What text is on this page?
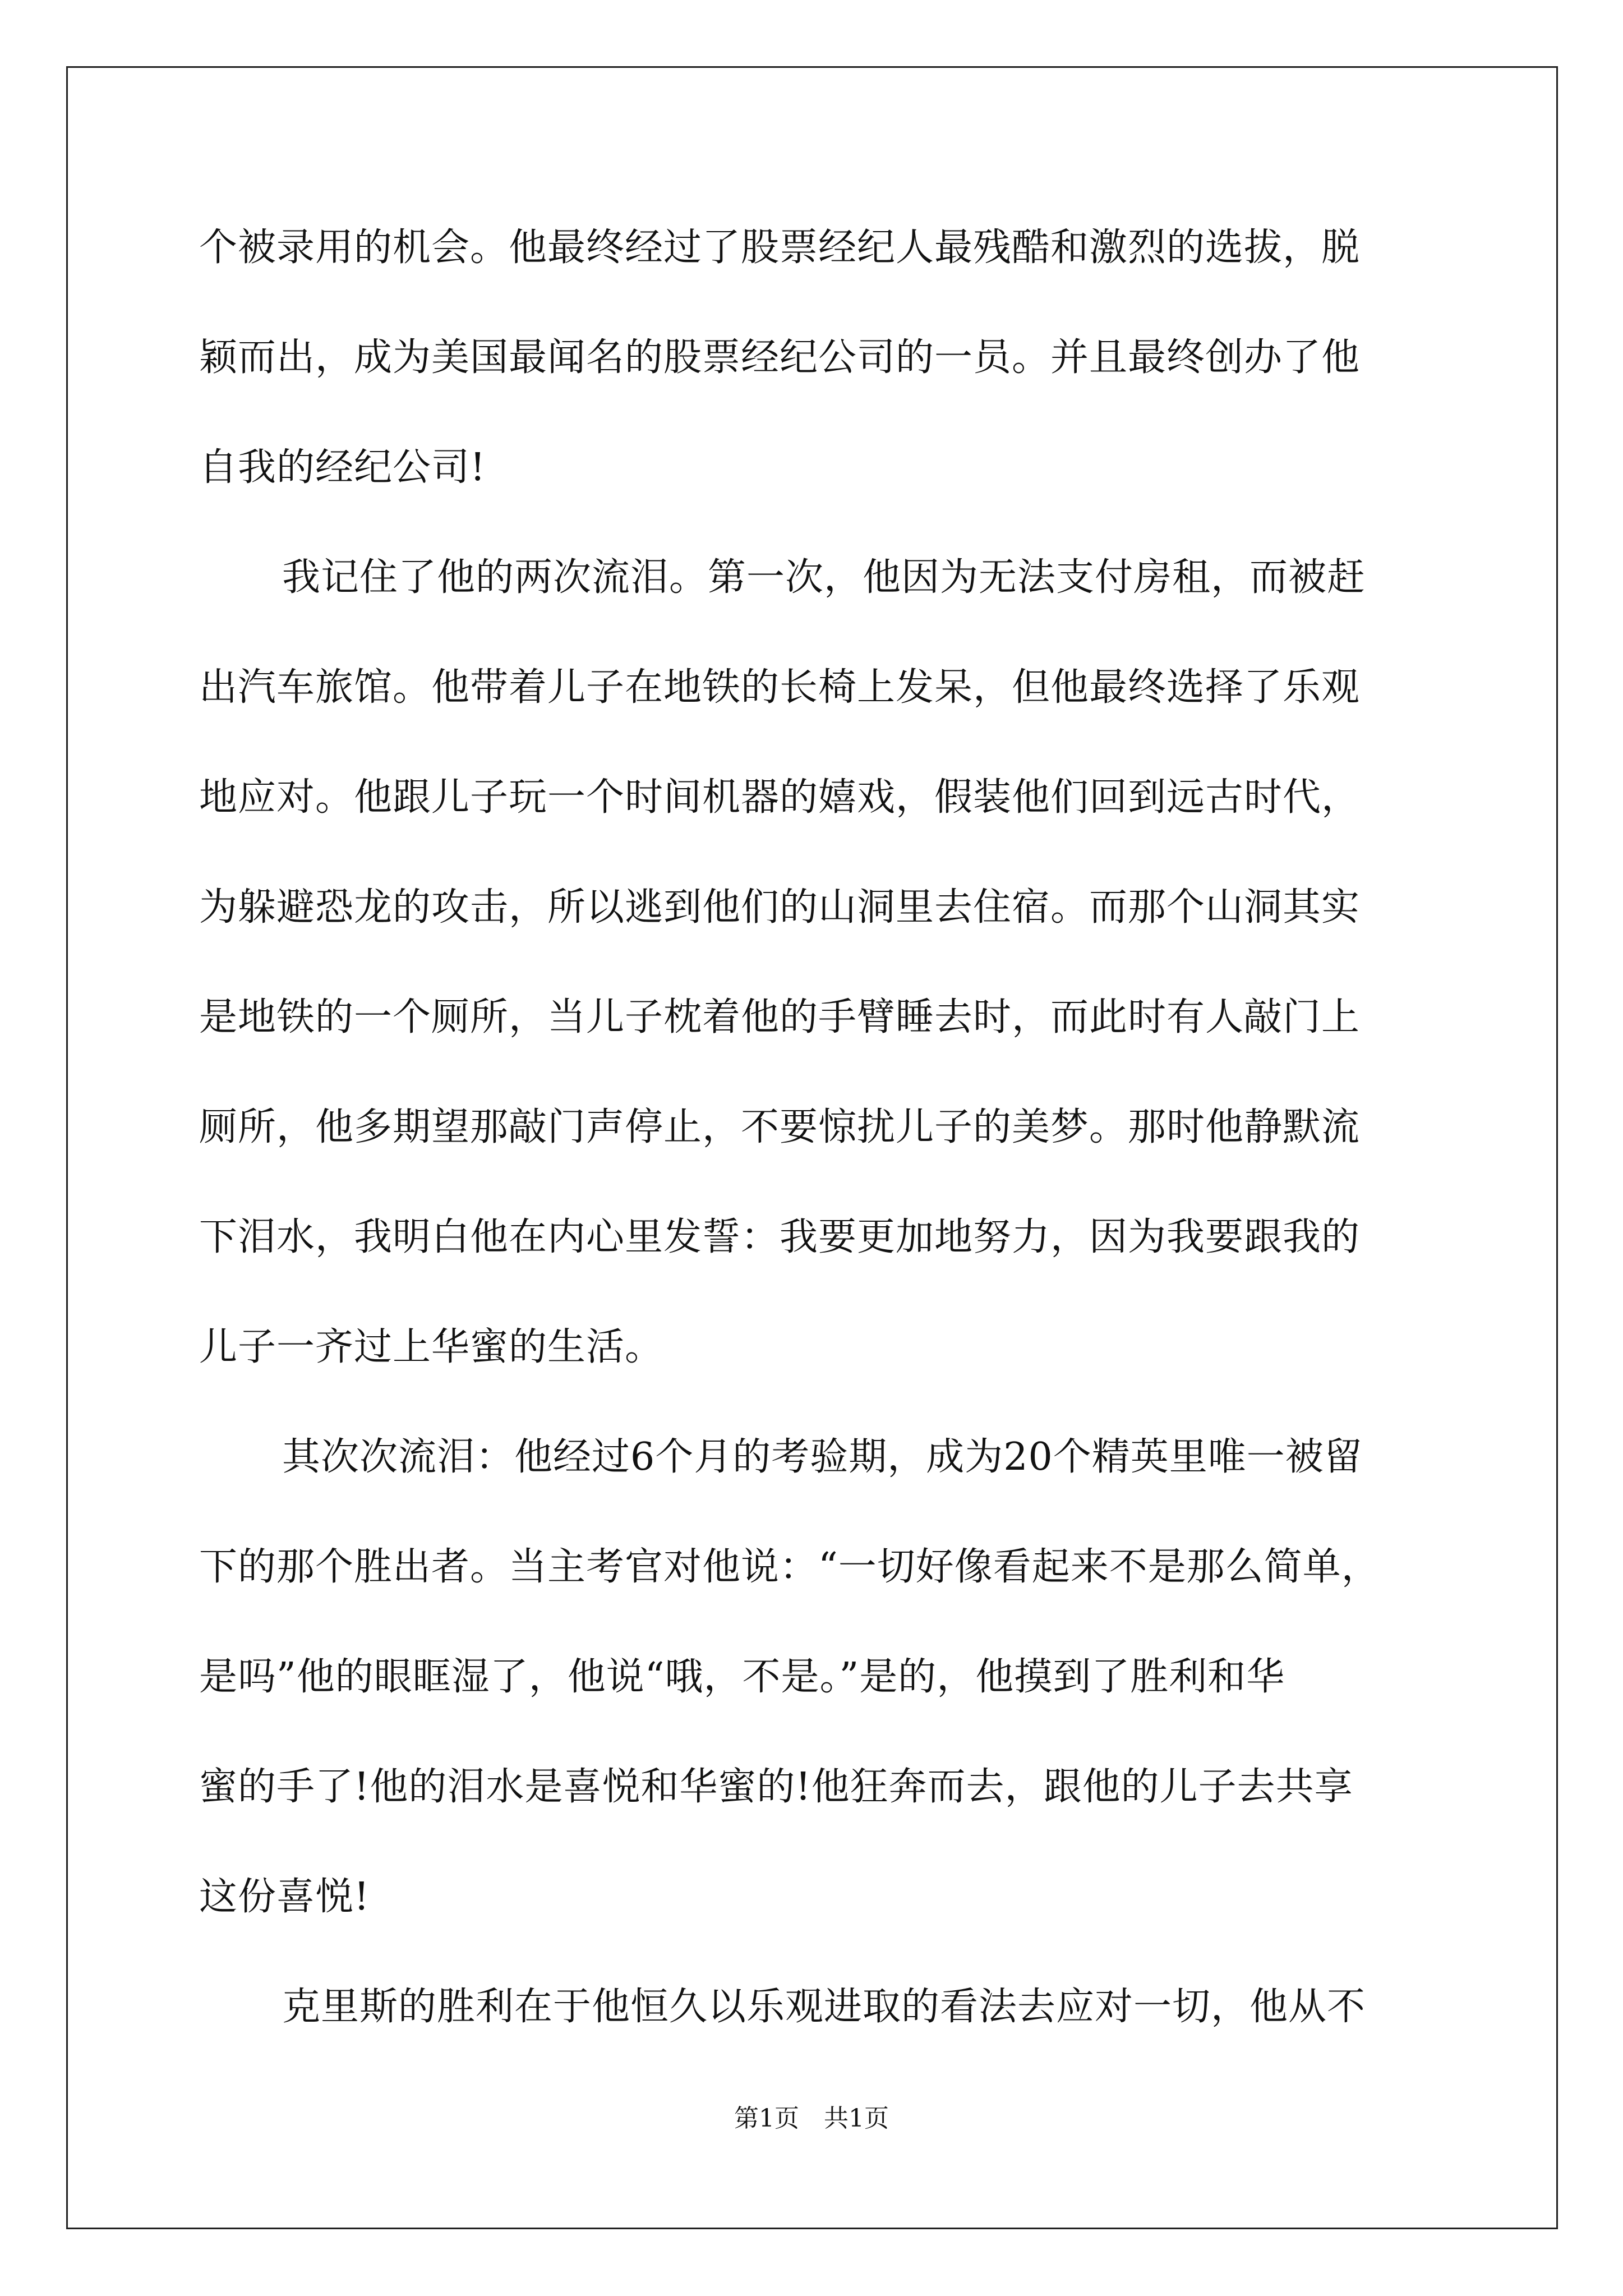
个被录用的机会。他最终经过了股票经纪人最残酷和激烈的选拔，脱
颖而出，成为美国最闻名的股票经纪公司的一员。并且最终创办了他
自我的经纪公司!
我记住了他的两次流泪。第一次，他因为无法支付房租，而被赶
出汽车旅馆。他带着儿子在地铁的长椅上发呆，但他最终选择了乐观
地应对。他跟儿子玩一个时间机器的嬉戏，假装他们回到远古时代，
为躲避恐龙的攻击，所以逃到他们的山洞里去住宿。而那个山洞其实
是地铁的一个厕所，当儿子枕着他的手臂睡去时，而此时有人敲门上
厕所，他多期望那敲门声停止，不要惊扰儿子的美梦。那时他静默流
下泪水，我明白他在内心里发誓：我要更加地努力，因为我要跟我的
儿子一齐过上华蜜的生活。
其次次流泪：他经过6个月的考验期，成为20个精英里唯一被留
下的那个胜出者。当主考官对他说：“一切好像看起来不是那么简单，
是吗”他的眼眶湿了，他说“哦，不是。”是的，他摸到了胜利和华
蜜的手了!他的泪水是喜悦和华蜜的!他狂奔而去，跟他的儿子去共享
这份喜悦!
克里斯的胜利在于他恒久以乐观进取的看法去应对一切，他从不
第1页　共1页
